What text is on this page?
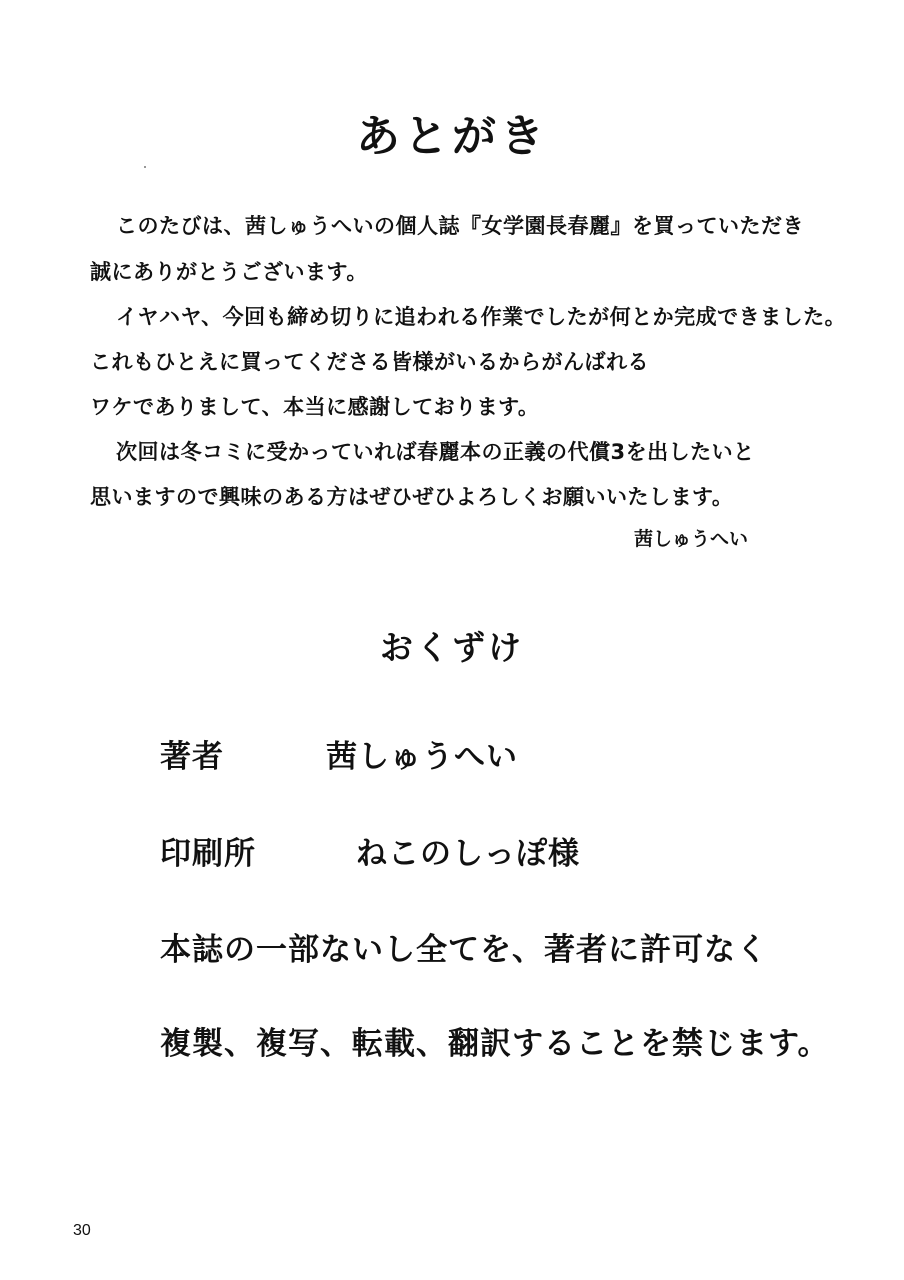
あとがき
このたびは、茜しゅうへいの個人誌『女学園長春麗』を買っていただき
誠にありがとうございます。
イヤハヤ、今回も締め切りに追われる作業でしたが何とか完成できました。
これもひとえに買ってくださる皆様がいるからがんばれる
ワケでありまして、本当に感謝しております。
次回は冬コミに受かっていれば春麗本の正義の代償3を出したいと
思いますので興味のある方はぜひぜひよろしくお願いいたします。
茜しゅうへい
おくずけ
著者	茜しゅうへい
印刷所	ねこのしっぽ様
本誌の一部ないし全てを、著者に許可なく
複製、複写、転載、翻訳することを禁じます。
30
